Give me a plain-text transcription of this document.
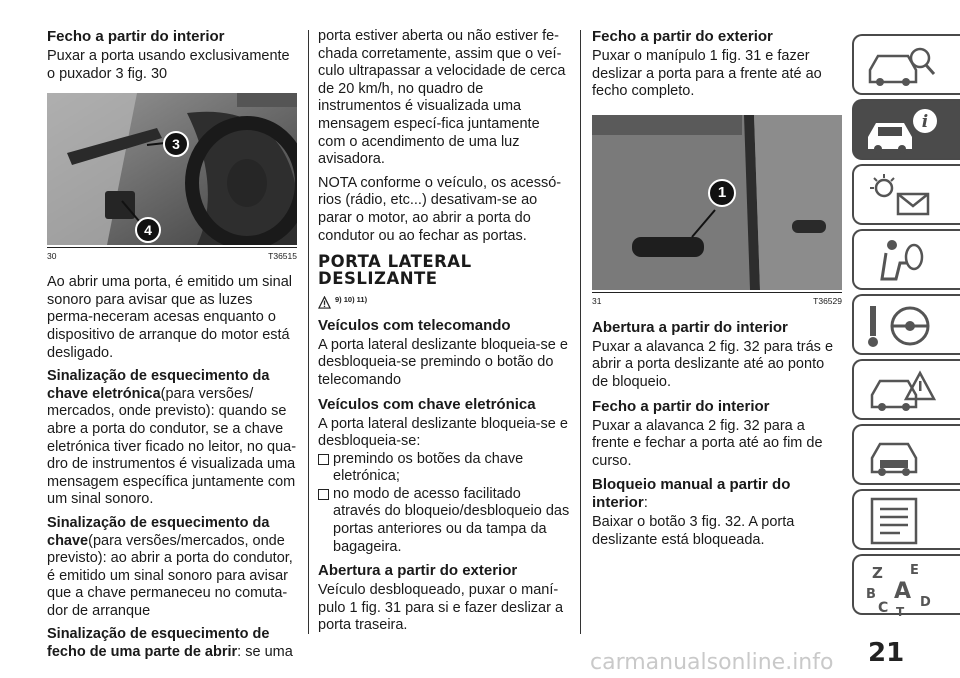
Fecho a partir do interior

Puxar a porta usando exclusivamente o puxador 3 fig. 30

3
4
30	T36515

Ao abrir uma porta, é emitido um sinal sonoro para avisar que as luzes perma-neceram acesas enquanto o dispositivo de arranque do motor está desligado.

Sinalização de esquecimento da chave eletrónica(para versões/ mercados, onde previsto): quando se abre a porta do condutor, se a chave eletrónica tiver ficado no leitor, no qua-dro de instrumentos é visualizada uma mensagem específica juntamente com um sinal sonoro.

Sinalização de esquecimento da chave(para versões/mercados, onde previsto): ao abrir a porta do condutor, é emitido um sinal sonoro para avisar que a chave permaneceu no comuta-dor de arranque

Sinalização de esquecimento de fecho de uma parte de abrir: se uma

porta estiver aberta ou não estiver fe-chada corretamente, assim que o veí-culo ultrapassar a velocidade de cerca de 20 km/h, no quadro de instrumentos é visualizada uma mensagem especí-fica juntamente com o acendimento de uma luz avisadora.

NOTA conforme o veículo, os acessó-rios (rádio, etc...) desativam-se ao parar o motor, ao abrir a porta do condutor ou ao fechar as portas.

PORTA LATERAL DESLIZANTE
9) 10) 11)
Veículos com telecomando

A porta lateral deslizante bloqueia-se e desbloqueia-se premindo o botão do telecomando

Veículos com chave eletrónica

A porta lateral deslizante bloqueia-se e desbloqueia-se:

premindo os botões da chave eletrónica;
no modo de acesso facilitado através do bloqueio/desbloqueio das portas anteriores ou da tampa da bagageira.
Abertura a partir do exterior

Veículo desbloqueado, puxar o maní-pulo 1 fig. 31 para si e fazer deslizar a porta traseira.

Fecho a partir do exterior

Puxar o manípulo 1 fig. 31 e fazer deslizar a porta para a frente até ao fecho completo.

1
31	T36529
Abertura a partir do interior

Puxar a alavanca 2 fig. 32 para trás e abrir a porta deslizante até ao ponto de bloqueio.

Fecho a partir do interior

Puxar a alavanca 2 fig. 32 para a frente e fechar a porta até ao fim de curso.

Bloqueio manual a partir do interior:

Baixar o botão 3 fig. 32. A porta deslizante está bloqueada.

i
Z E
B A
C D
T
21
carmanualsonline.info
